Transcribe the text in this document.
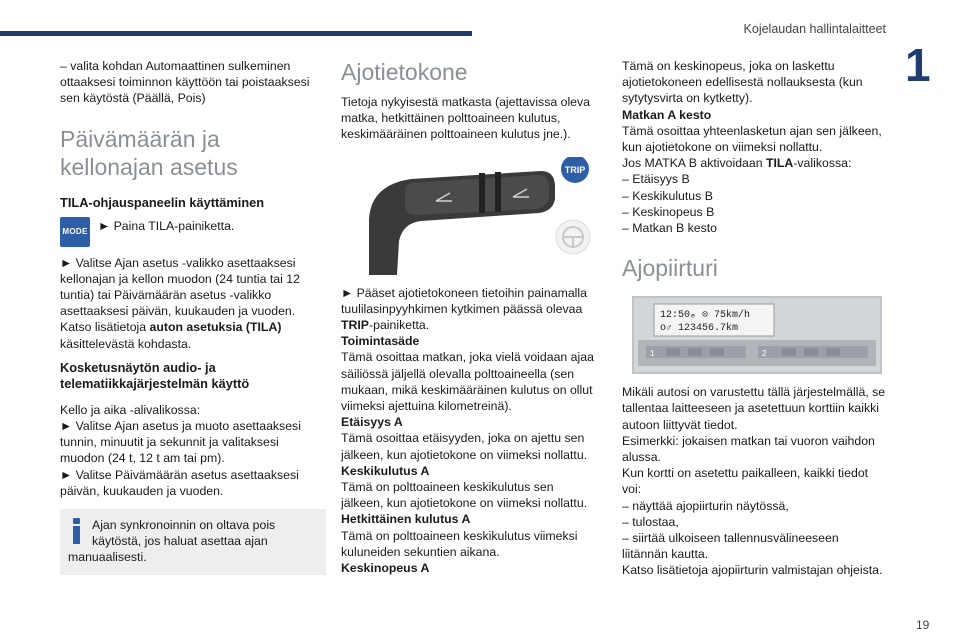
Kojelaudan hallintalaitteet
1
19

– valita kohdan Automaattinen sulkeminen ottaaksesi toiminnon käyttöön tai poistaaksesi sen käytöstä (Päällä, Pois)

Päivämäärän ja
kellonajan asetus
TILA-ohjauspaneelin käyttäminen
MODE ► Paina TILA-painiketta.

► Valitse Ajan asetus -valikko asettaaksesi kellonajan ja kellon muodon (24 tuntia tai 12 tuntia) tai Päivämäärän asetus -valikko asettaaksesi päivän, kuukauden ja vuoden. Katso lisätietoja auton asetuksia (TILA) käsittelevästä kohdasta.

Kosketusnäytön audio- ja
telematiikkajärjestelmän käyttö

Kello ja aika -alivalikossa:

► Valitse Ajan asetus ja muoto asettaaksesi tunnin, minuutit ja sekunnit ja valitaksesi muodon (24 t, 12 t am tai pm).

► Valitse Päivämäärän asetus asettaaksesi päivän, kuukauden ja vuoden.

Ajan synkronoinnin on oltava pois käytöstä, jos haluat asettaa ajan manuaalisesti.

Ajotietokone

Tietoja nykyisestä matkasta (ajettavissa oleva matka, hetkittäinen polttoaineen kulutus, keskimääräinen polttoaineen kulutus jne.).

TRIP

► Pääset ajotietokoneen tietoihin painamalla tuulilasinpyyhkimen kytkimen päässä olevaa TRIP-painiketta.

Toimintasäde

Tämä osoittaa matkan, joka vielä voidaan ajaa säiliössä jäljellä olevalla polttoaineella (sen mukaan, mikä keskimääräinen kulutus on ollut viimeksi ajettuina kilometreinä).

Etäisyys A

Tämä osoittaa etäisyyden, joka on ajettu sen jälkeen, kun ajotietokone on viimeksi nollattu.

Keskikulutus A

Tämä on polttoaineen keskikulutus sen jälkeen, kun ajotietokone on viimeksi nollattu.

Hetkittäinen kulutus A

Tämä on polttoaineen keskikulutus viimeksi kuluneiden sekuntien aikana.

Keskinopeus A

Tämä on keskinopeus, joka on laskettu ajotietokoneen edellisestä nollauksesta (kun sytytysvirta on kytketty).

Matkan A kesto

Tämä osoittaa yhteenlasketun ajan sen jälkeen, kun ajotietokone on viimeksi nollattu.

Jos MATKA B aktivoidaan TILA-valikossa:

– Etäisyys B

– Keskikulutus B

– Keskinopeus B

– Matkan B kesto

Ajopiirturi
12:50ₑ ⊙ 75km/h
o♂ 123456.7km
1	2

Mikäli autosi on varustettu tällä järjestelmällä, se tallentaa laitteeseen ja asetettuun korttiin kaikki autoon liittyvät tiedot.

Esimerkki: jokaisen matkan tai vuoron vaihdon alussa.

Kun kortti on asetettu paikalleen, kaikki tiedot voi:

– näyttää ajopiirturin näytössä,

– tulostaa,

– siirtää ulkoiseen tallennusvälineeseen liitännän kautta.

Katso lisätietoja ajopiirturin valmistajan ohjeista.
